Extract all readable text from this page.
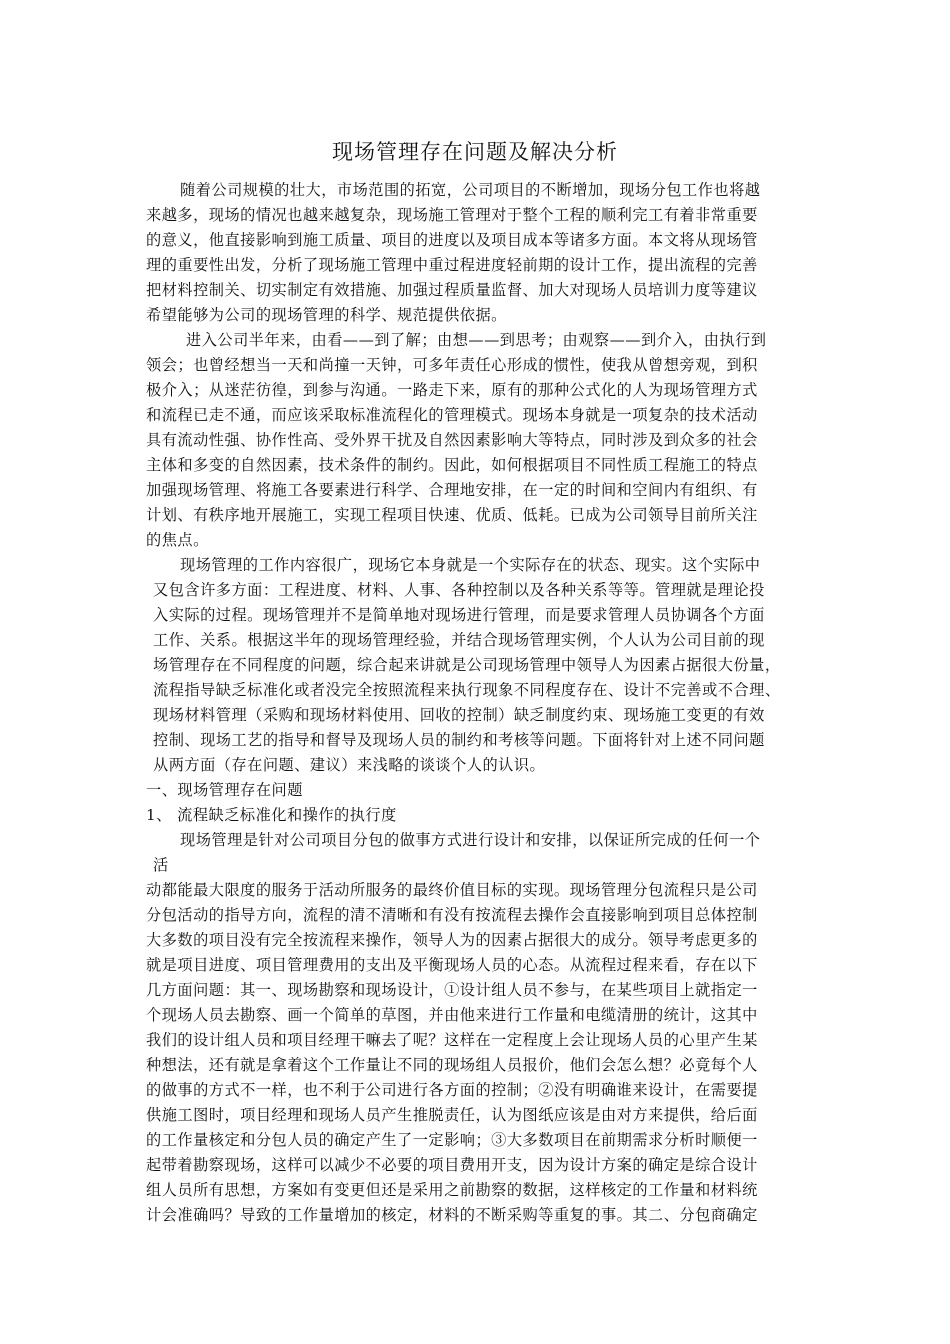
现场管理存在问题及解决分析

随着公司规模的壮大，市场范围的拓宽，公司项目的不断增加，现场分包工作也将越

来越多，现场的情况也越来越复杂，现场施工管理对于整个工程的顺利完工有着非常重要

的意义，他直接影响到施工质量、项目的进度以及项目成本等诸多方面。本文将从现场管

理的重要性出发，分析了现场施工管理中重过程进度轻前期的设计工作，提出流程的完善

把材料控制关、切实制定有效措施、加强过程质量监督、加大对现场人员培训力度等建议

希望能够为公司的现场管理的科学、规范提供依据。

进入公司半年来，由看——到了解；由想——到思考；由观察——到介入，由执行到

领会；也曾经想当一天和尚撞一天钟，可多年责任心形成的惯性，使我从曾想旁观，到积

极介入；从迷茫彷徨，到参与沟通。一路走下来，原有的那种公式化的人为现场管理方式

和流程已走不通，而应该采取标准流程化的管理模式。现场本身就是一项复杂的技术活动

具有流动性强、协作性高、受外界干扰及自然因素影响大等特点，同时涉及到众多的社会

主体和多变的自然因素，技术条件的制约。因此，如何根据项目不同性质工程施工的特点

加强现场管理、将施工各要素进行科学、合理地安排，在一定的时间和空间内有组织、有

计划、有秩序地开展施工，实现工程项目快速、优质、低耗。已成为公司领导目前所关注

的焦点。

现场管理的工作内容很广，现场它本身就是一个实际存在的状态、现实。这个实际中

又包含许多方面：工程进度、材料、人事、各种控制以及各种关系等等。管理就是理论投

入实际的过程。现场管理并不是简单地对现场进行管理，而是要求管理人员协调各个方面

工作、关系。根据这半年的现场管理经验，并结合现场管理实例，个人认为公司目前的现

场管理存在不同程度的问题，综合起来讲就是公司现场管理中领导人为因素占据很大份量，

流程指导缺乏标准化或者没完全按照流程来执行现象不同程度存在、设计不完善或不合理、

现场材料管理（采购和现场材料使用、回收的控制）缺乏制度约束、现场施工变更的有效

控制、现场工艺的指导和督导及现场人员的制约和考核等问题。下面将针对上述不同问题

从两方面（存在问题、建议）来浅略的谈谈个人的认识。

一、现场管理存在问题

1、 流程缺乏标准化和操作的执行度

现场管理是针对公司项目分包的做事方式进行设计和安排，以保证所完成的任何一个

活

动都能最大限度的服务于活动所服务的最终价值目标的实现。现场管理分包流程只是公司

分包活动的指导方向，流程的清不清晰和有没有按流程去操作会直接影响到项目总体控制

大多数的项目没有完全按流程来操作，领导人为的因素占据很大的成分。领导考虑更多的

就是项目进度、项目管理费用的支出及平衡现场人员的心态。从流程过程来看，存在以下

几方面问题：其一、现场勘察和现场设计，①设计组人员不参与，在某些项目上就指定一

个现场人员去勘察、画一个简单的草图，并由他来进行工作量和电缆清册的统计，这其中

我们的设计组人员和项目经理干嘛去了呢？这样在一定程度上会让现场人员的心里产生某

种想法，还有就是拿着这个工作量让不同的现场组人员报价，他们会怎么想？必竟每个人

的做事的方式不一样，也不利于公司进行各方面的控制；②没有明确谁来设计，在需要提

供施工图时，项目经理和现场人员产生推脱责任，认为图纸应该是由对方来提供，给后面

的工作量核定和分包人员的确定产生了一定影响；③大多数项目在前期需求分析时顺便一

起带着勘察现场，这样可以减少不必要的项目费用开支，因为设计方案的确定是综合设计

组人员所有思想，方案如有变更但还是采用之前勘察的数据，这样核定的工作量和材料统

计会准确吗？导致的工作量增加的核定，材料的不断采购等重复的事。其二、分包商确定
